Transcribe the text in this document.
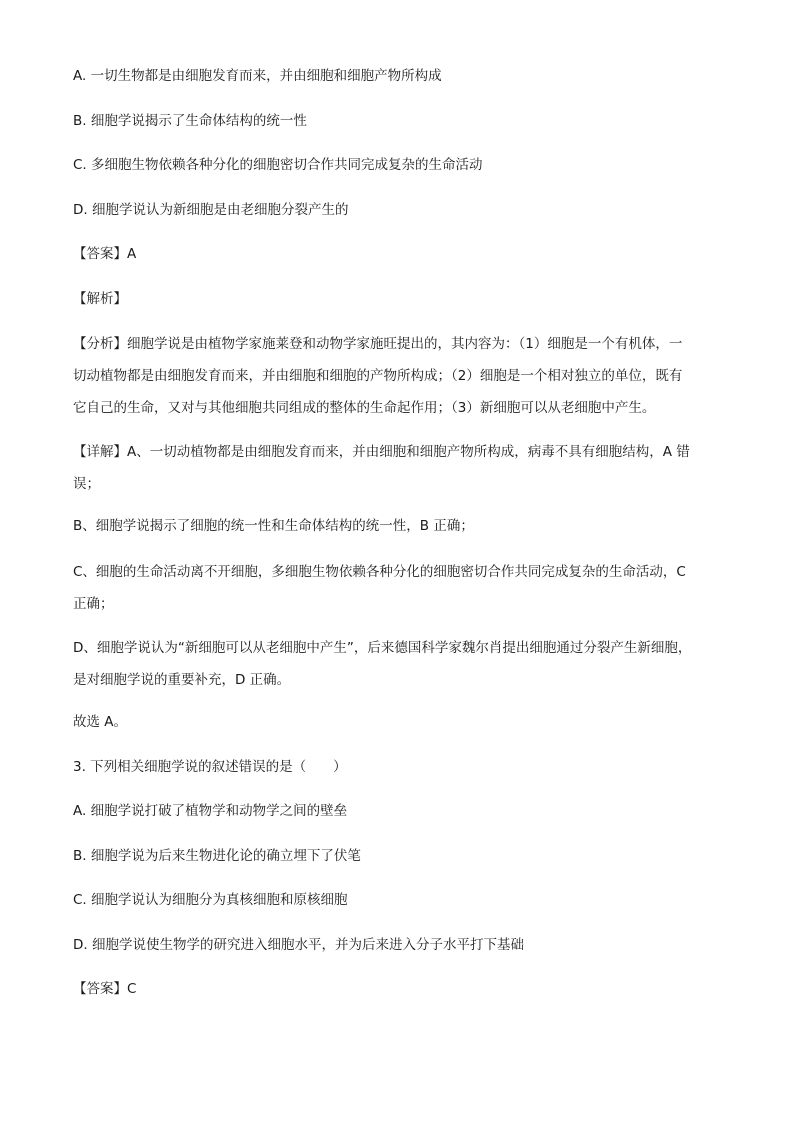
A. 一切生物都是由细胞发育而来，并由细胞和细胞产物所构成
B. 细胞学说揭示了生命体结构的统一性
C. 多细胞生物依赖各种分化的细胞密切合作共同完成复杂的生命活动
D. 细胞学说认为新细胞是由老细胞分裂产生的
【答案】A
【解析】
【分析】细胞学说是由植物学家施莱登和动物学家施旺提出的，其内容为：（1）细胞是一个有机体，一
切动植物都是由细胞发育而来，并由细胞和细胞的产物所构成；（2）细胞是一个相对独立的单位，既有
它自己的生命，又对与其他细胞共同组成的整体的生命起作用；（3）新细胞可以从老细胞中产生。
【详解】A、一切动植物都是由细胞发育而来，并由细胞和细胞产物所构成，病毒不具有细胞结构，A 错
误；
B、细胞学说揭示了细胞的统一性和生命体结构的统一性，B 正确；
C、细胞的生命活动离不开细胞，多细胞生物依赖各种分化的细胞密切合作共同完成复杂的生命活动，C
正确；
D、细胞学说认为“新细胞可以从老细胞中产生”，后来德国科学家魏尔肖提出细胞通过分裂产生新细胞，
是对细胞学说的重要补充，D 正确。
故选 A。
3. 下列相关细胞学说的叙述错误的是（　　）
A. 细胞学说打破了植物学和动物学之间的壁垒
B. 细胞学说为后来生物进化论的确立埋下了伏笔
C. 细胞学说认为细胞分为真核细胞和原核细胞
D. 细胞学说使生物学的研究进入细胞水平，并为后来进入分子水平打下基础
【答案】C
